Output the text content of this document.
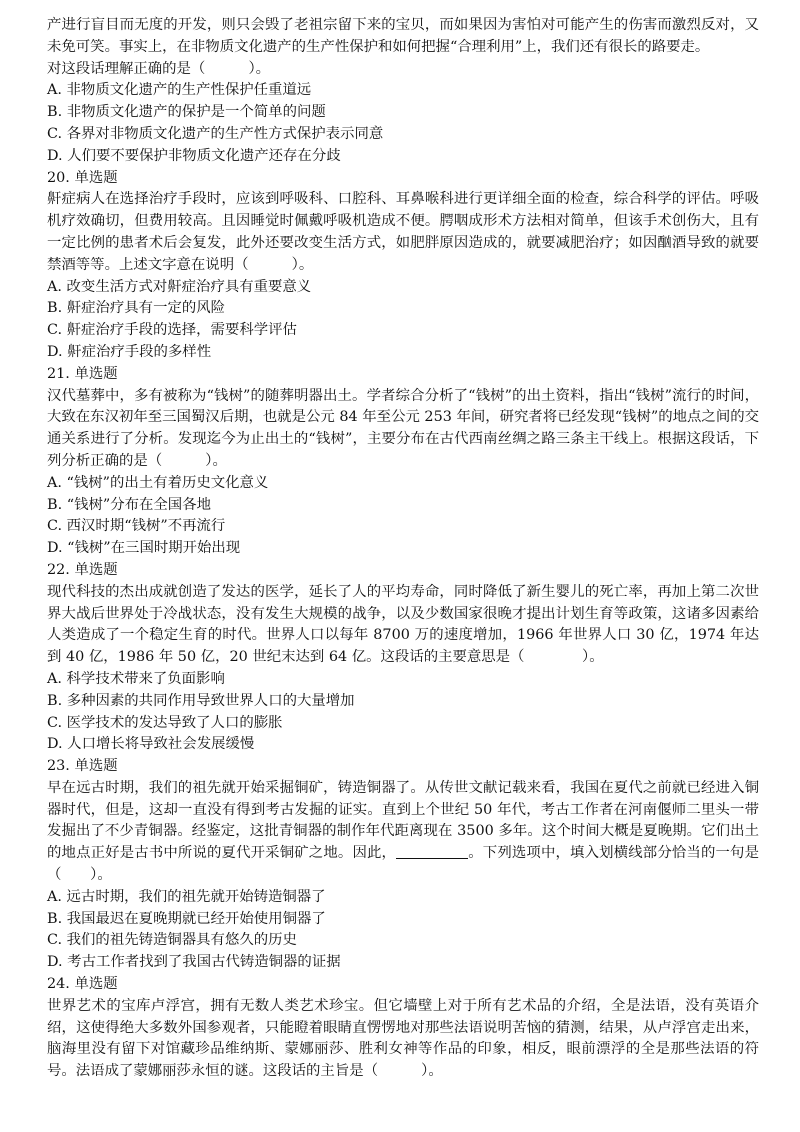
产进行盲目而无度的开发，则只会毁了老祖宗留下来的宝贝，而如果因为害怕对可能产生的伤害而激烈反对，又未免可笑。事实上，在非物质文化遗产的生产性保护和如何把握“合理利用”上，我们还有很长的路要走。

对这段话理解正确的是（　　　）。

A. 非物质文化遗产的生产性保护任重道远

B. 非物质文化遗产的保护是一个简单的问题

C. 各界对非物质文化遗产的生产性方式保护表示同意

D. 人们要不要保护非物质文化遗产还存在分歧

20. 单选题

鼾症病人在选择治疗手段时，应该到呼吸科、口腔科、耳鼻喉科进行更详细全面的检查，综合科学的评估。呼吸机疗效确切，但费用较高。且因睡觉时佩戴呼吸机造成不便。腭咽成形术方法相对简单，但该手术创伤大，且有一定比例的患者术后会复发，此外还要改变生活方式，如肥胖原因造成的，就要减肥治疗；如因酗酒导致的就要禁酒等等。上述文字意在说明（　　　）。

A. 改变生活方式对鼾症治疗具有重要意义

B. 鼾症治疗具有一定的风险

C. 鼾症治疗手段的选择，需要科学评估

D. 鼾症治疗手段的多样性

21. 单选题

汉代墓葬中，多有被称为“钱树”的随葬明器出土。学者综合分析了“钱树”的出土资料，指出“钱树”流行的时间，大致在东汉初年至三国蜀汉后期，也就是公元 84 年至公元 253 年间，研究者将已经发现“钱树”的地点之间的交通关系进行了分析。发现迄今为止出土的“钱树”，主要分布在古代西南丝绸之路三条主干线上。根据这段话，下列分析正确的是（　　　）。

A. “钱树”的出土有着历史文化意义

B. “钱树”分布在全国各地

C. 西汉时期“钱树”不再流行

D. “钱树”在三国时期开始出现

22. 单选题

现代科技的杰出成就创造了发达的医学，延长了人的平均寿命，同时降低了新生婴儿的死亡率，再加上第二次世界大战后世界处于冷战状态，没有发生大规模的战争，以及少数国家很晚才提出计划生育等政策，这诸多因素给人类造成了一个稳定生育的时代。世界人口以每年 8700 万的速度增加，1966 年世界人口 30 亿，1974 年达到 40 亿，1986 年 50 亿，20 世纪末达到 64 亿。这段话的主要意思是（　　　　）。

A. 科学技术带来了负面影响

B. 多种因素的共同作用导致世界人口的大量增加

C. 医学技术的发达导致了人口的膨胀

D. 人口增长将导致社会发展缓慢

23. 单选题

早在远古时期，我们的祖先就开始采掘铜矿，铸造铜器了。从传世文献记载来看，我国在夏代之前就已经进入铜器时代，但是，这却一直没有得到考古发掘的证实。直到上个世纪 50 年代，考古工作者在河南偃师二里头一带发掘出了不少青铜器。经鉴定，这批青铜器的制作年代距离现在 3500 多年。这个时间大概是夏晚期。它们出土的地点正好是古书中所说的夏代开采铜矿之地。因此，	。下列选项中，填入划横线部分恰当的一句是（　　）。

A. 远古时期，我们的祖先就开始铸造铜器了

B. 我国最迟在夏晚期就已经开始使用铜器了

C. 我们的祖先铸造铜器具有悠久的历史

D. 考古工作者找到了我国古代铸造铜器的证据

24. 单选题

世界艺术的宝库卢浮宫，拥有无数人类艺术珍宝。但它墙壁上对于所有艺术品的介绍，全是法语，没有英语介绍，这使得绝大多数外国参观者，只能瞪着眼睛直愣愣地对那些法语说明苦恼的猜测，结果，从卢浮宫走出来，脑海里没有留下对馆藏珍品维纳斯、蒙娜丽莎、胜利女神等作品的印象，相反，眼前漂浮的全是那些法语的符号。法语成了蒙娜丽莎永恒的谜。这段话的主旨是（　　　）。
